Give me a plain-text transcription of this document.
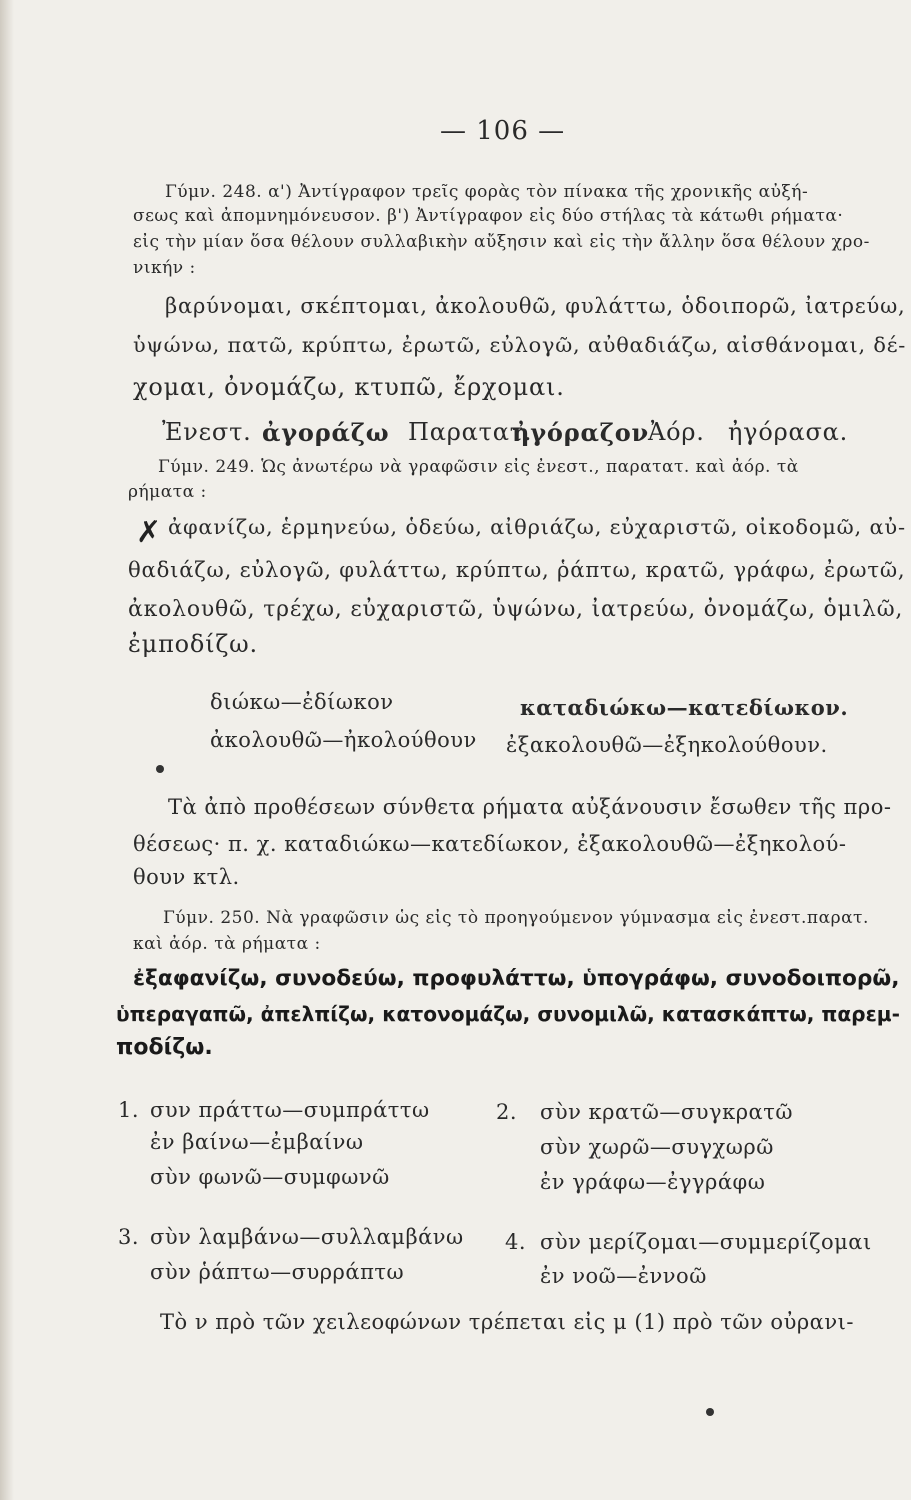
— 106 —
Γύμν. 248. α') Ἀντίγραφον τρεῖς φορὰς τὸν πίνακα τῆς χρονικῆς αὐξή-
σεως καὶ ἀπομνημόνευσον. β') Ἀντίγραφον εἰς δύο στήλας τὰ κάτωθι ρήματα·
εἰς τὴν μίαν ὅσα θέλουν συλλαβικὴν αὔξησιν καὶ εἰς τὴν ἄλλην ὅσα θέλουν χρο-
νικήν :
βαρύνομαι, σκέπτομαι, ἀκολουθῶ, φυλάττω, ὁδοιπορῶ, ἰατρεύω,
ὑψώνω, πατῶ, κρύπτω, ἐρωτῶ, εὐλογῶ, αὐθαδιάζω, αἰσθάνομαι, δέ-
χομαι, ὀνομάζω, κτυπῶ, ἔρχομαι.
Ἐνεστ. ἀγοράζω Παρατατ.
ἠγόραζον
Ἀόρ. ἠγόρασα.
Γύμν. 249. Ὡς ἀνωτέρω νὰ γραφῶσιν εἰς ἐνεστ., παρατατ. καὶ ἀόρ. τὰ
ρήματα :
✗ ἀφανίζω, ἑρμηνεύω, ὁδεύω, αἰθριάζω, εὐχαριστῶ, οἰκοδομῶ, αὐ-
θαδιάζω, εὐλογῶ, φυλάττω, κρύπτω, ῥάπτω, κρατῶ, γράφω, ἐρωτῶ,
ἀκολουθῶ, τρέχω, εὐχαριστῶ, ὑψώνω, ἰατρεύω, ὀνομάζω, ὁμιλῶ,
ἐμποδίζω.
διώκω—ἐδίωκον	καταδιώκω—κατεδίωκον.
ἀκολουθῶ—ἠκολούθουν ἐξακολουθῶ—ἐξηκολούθουν.
Τὰ ἀπὸ προθέσεων σύνθετα ρήματα αὐξάνουσιν ἔσωθεν τῆς προ-
θέσεως· π. χ. καταδιώκω—κατεδίωκον, ἐξακολουθῶ—ἐξηκολού-
θουν κτλ.
Γύμν. 250. Νὰ γραφῶσιν ὡς εἰς τὸ προηγούμενον γύμνασμα εἰς ἐνεστ.παρατ.
καὶ ἀόρ. τὰ ρήματα :
ἐξαφανίζω, συνοδεύω, προφυλάττω, ὑπογράφω, συνοδοιπορῶ,
ὑπεραγαπῶ, ἀπελπίζω, κατονομάζω, συνομιλῶ, κατασκάπτω, παρεμ-
ποδίζω.
1. συν πράττω—συμπράττω
ἐν βαίνω—ἐμβαίνω
σὺν φωνῶ—συμφωνῶ
2. σὺν κρατῶ—συγκρατῶ
σὺν χωρῶ—συγχωρῶ
ἐν γράφω—ἐγγράφω
3. σὺν λαμβάνω—συλλαμβάνω
σὺν ῥάπτω—συρράπτω
4. σὺν μερίζομαι—συμμερίζομαι
ἐν νοῶ—ἐννοῶ
Τὸ ν πρὸ τῶν χειλεοφώνων τρέπεται εἰς μ (1) πρὸ τῶν οὐρανι-
